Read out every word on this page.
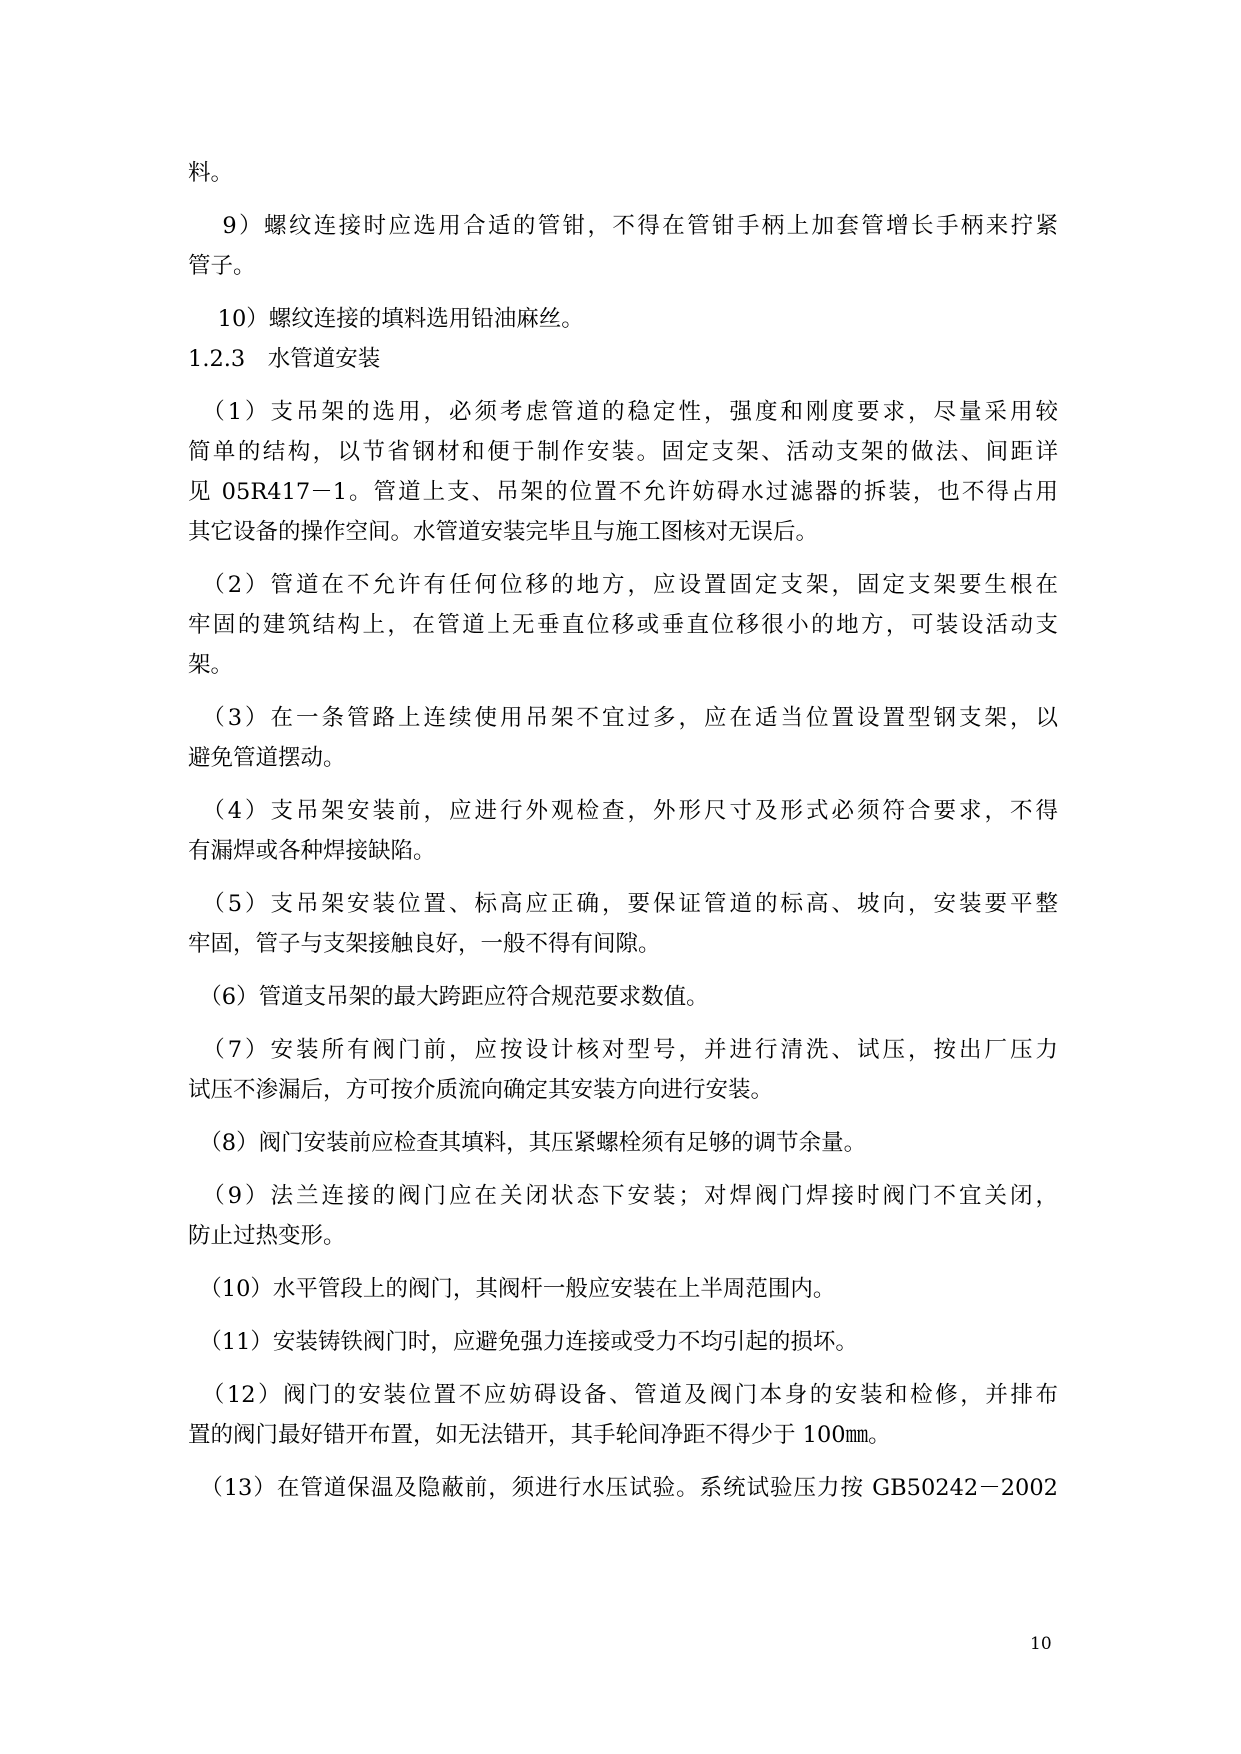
料。
　 9）螺纹连接时应选用合适的管钳，不得在管钳手柄上加套管增长手柄来拧紧
管子。
　 10）螺纹连接的填料选用铅油麻丝。
1.2.3　水管道安装
　（1）支吊架的选用，必须考虑管道的稳定性，强度和刚度要求，尽量采用较
简单的结构，以节省钢材和便于制作安装。固定支架、活动支架的做法、间距详
见 05R417－1。管道上支、吊架的位置不允许妨碍水过滤器的拆装，也不得占用
其它设备的操作空间。水管道安装完毕且与施工图核对无误后。
　（2）管道在不允许有任何位移的地方，应设置固定支架，固定支架要生根在
牢固的建筑结构上，在管道上无垂直位移或垂直位移很小的地方，可装设活动支
架。
　（3）在一条管路上连续使用吊架不宜过多，应在适当位置设置型钢支架，以
避免管道摆动。
　（4）支吊架安装前，应进行外观检查，外形尺寸及形式必须符合要求，不得
有漏焊或各种焊接缺陷。
　（5）支吊架安装位置、标高应正确，要保证管道的标高、坡向，安装要平整
牢固，管子与支架接触良好，一般不得有间隙。
　（6）管道支吊架的最大跨距应符合规范要求数值。
　（7）安装所有阀门前，应按设计核对型号，并进行清洗、试压，按出厂压力
试压不渗漏后，方可按介质流向确定其安装方向进行安装。
　（8）阀门安装前应检查其填料，其压紧螺栓须有足够的调节余量。
　（9）法兰连接的阀门应在关闭状态下安装；对焊阀门焊接时阀门不宜关闭，
防止过热变形。
　（10）水平管段上的阀门，其阀杆一般应安装在上半周范围内。
　（11）安装铸铁阀门时，应避免强力连接或受力不均引起的损坏。
　（12）阀门的安装位置不应妨碍设备、管道及阀门本身的安装和检修，并排布
置的阀门最好错开布置，如无法错开，其手轮间净距不得少于 100㎜。
　（13）在管道保温及隐蔽前，须进行水压试验。系统试验压力按 GB50242－2002
10
